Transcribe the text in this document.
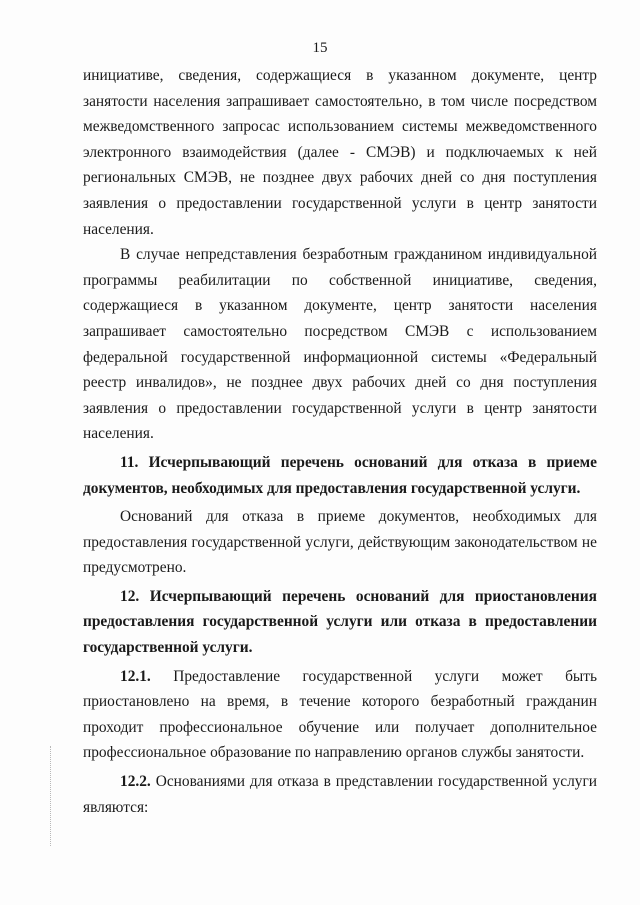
15

инициативе, сведения, содержащиеся в указанном документе, центр занятости населения запрашивает самостоятельно, в том числе посредством межведомственного запросас использованием системы межведомственного электронного взаимодействия (далее - СМЭВ) и подключаемых к ней региональных СМЭВ, не позднее двух рабочих дней со дня поступления заявления о предоставлении государственной услуги в центр занятости населения.

В случае непредставления безработным гражданином индивидуальной программы реабилитации по собственной инициативе, сведения, содержащиеся в указанном документе, центр занятости населения запрашивает самостоятельно посредством СМЭВ с использованием федеральной государственной информационной системы «Федеральный реестр инвалидов», не позднее двух рабочих дней со дня поступления заявления о предоставлении государственной услуги в центр занятости населения.

11. Исчерпывающий перечень оснований для отказа в приеме документов, необходимых для предоставления государственной услуги.

Оснований для отказа в приеме документов, необходимых для предоставления государственной услуги, действующим законодательством не предусмотрено.

12. Исчерпывающий перечень оснований для приостановления предоставления государственной услуги или отказа в предоставлении государственной услуги.

12.1. Предоставление государственной услуги может быть приостановлено на время, в течение которого безработный гражданин проходит профессиональное обучение или получает дополнительное профессиональное образование по направлению органов службы занятости.

12.2. Основаниями для отказа в представлении государственной услуги являются:
